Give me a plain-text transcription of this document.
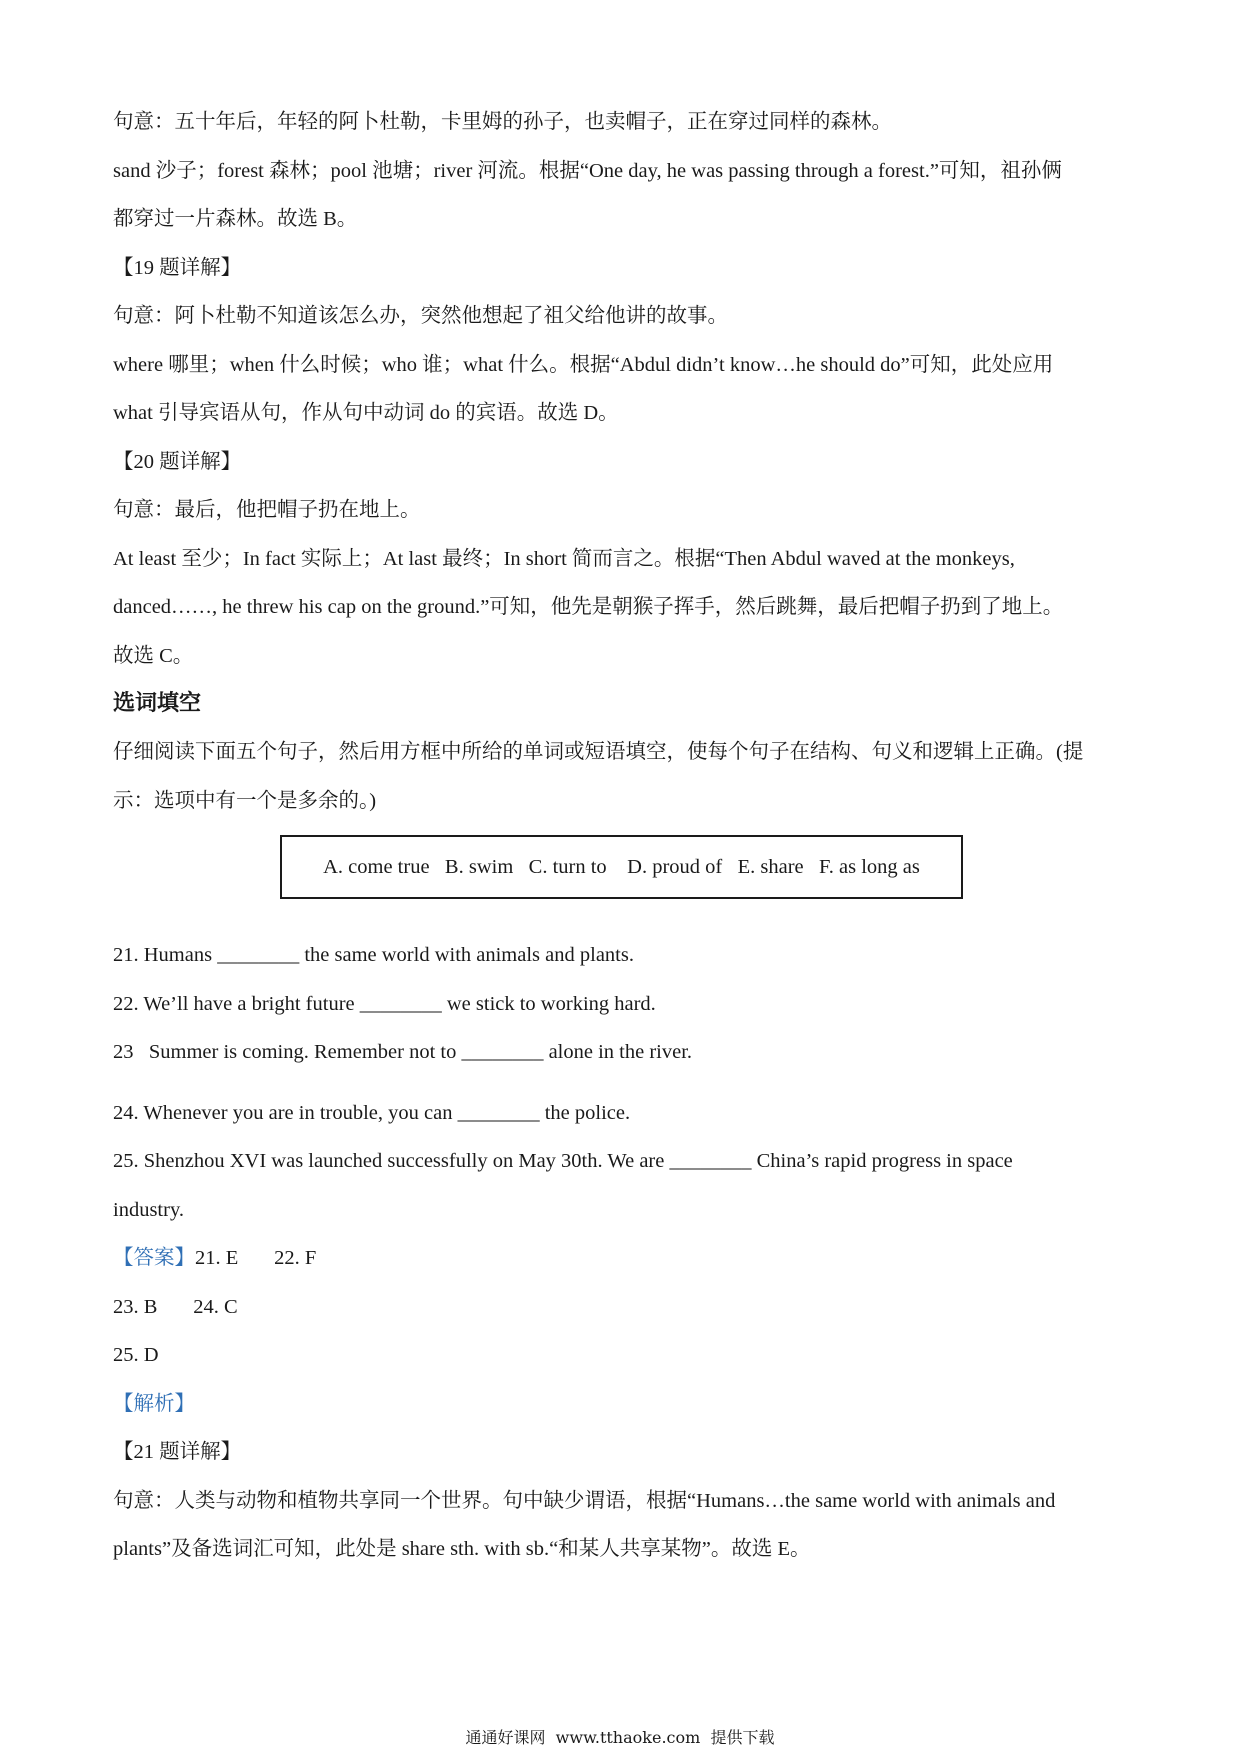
句意：五十年后，年轻的阿卜杜勒，卡里姆的孙子，也卖帽子，正在穿过同样的森林。

sand 沙子；forest 森林；pool 池塘；river 河流。根据“One day, he was passing through a forest.”可知，祖孙俩

都穿过一片森林。故选 B。

【19 题详解】

句意：阿卜杜勒不知道该怎么办，突然他想起了祖父给他讲的故事。

where 哪里；when 什么时候；who 谁；what 什么。根据“Abdul didn’t know…he should do”可知，此处应用

what 引导宾语从句，作从句中动词 do 的宾语。故选 D。

【20 题详解】

句意：最后，他把帽子扔在地上。

At least 至少；In fact 实际上；At last 最终；In short 简而言之。根据“Then Abdul waved at the monkeys,

danced……, he threw his cap on the ground.”可知，他先是朝猴子挥手，然后跳舞，最后把帽子扔到了地上。

故选 C。

选词填空

仔细阅读下面五个句子，然后用方框中所给的单词或短语填空，使每个句子在结构、句义和逻辑上正确。(提

示：选项中有一个是多余的。)

A. come true   B. swim   C. turn to    D. proud of   E. share   F. as long as

21. Humans ________ the same world with animals and plants.

22. We’ll have a bright future ________ we stick to working hard.

23   Summer is coming. Remember not to ________ alone in the river.

24. Whenever you are in trouble, you can ________ the police.

25. Shenzhou XVI was launched successfully on May 30th. We are ________ China’s rapid progress in space

industry.

【答案】21. E       22. F

23. B       24. C

25. D

【解析】

【21 题详解】

句意：人类与动物和植物共享同一个世界。句中缺少谓语，根据“Humans…the same world with animals and

plants”及备选词汇可知，此处是 share sth. with sb.“和某人共享某物”。故选 E。

通通好课网  www.tthaoke.com  提供下载
